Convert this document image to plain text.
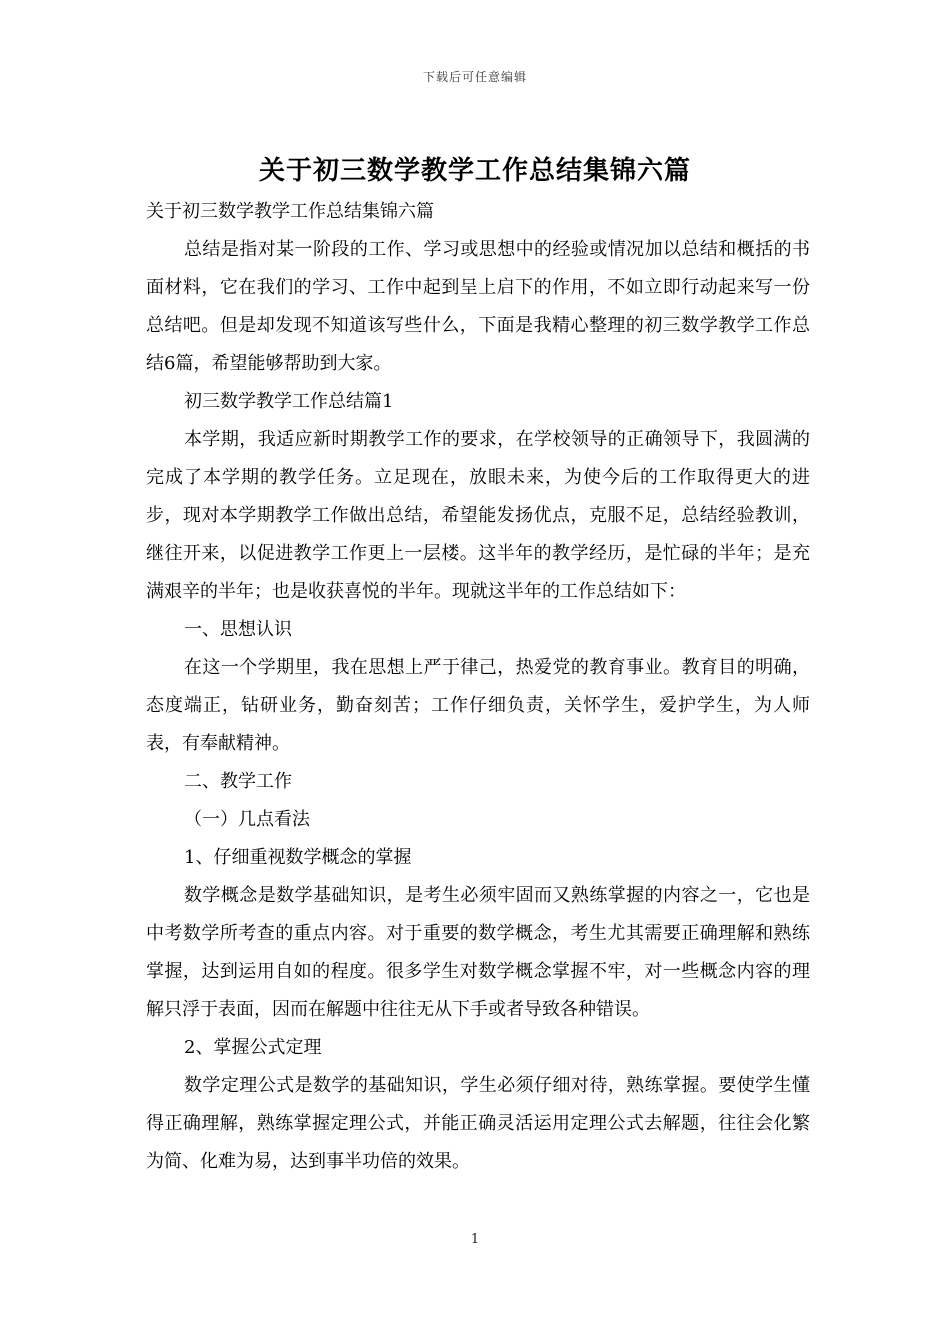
下载后可任意编辑
关于初三数学教学工作总结集锦六篇

关于初三数学教学工作总结集锦六篇

总结是指对某一阶段的工作、学习或思想中的经验或情况加以总结和概括的书面材料，它在我们的学习、工作中起到呈上启下的作用，不如立即行动起来写一份总结吧。但是却发现不知道该写些什么，下面是我精心整理的初三数学教学工作总结6篇，希望能够帮助到大家。

初三数学教学工作总结篇1

本学期，我适应新时期教学工作的要求，在学校领导的正确领导下，我圆满的完成了本学期的教学任务。立足现在，放眼未来，为使今后的工作取得更大的进步，现对本学期教学工作做出总结，希望能发扬优点，克服不足，总结经验教训，继往开来，以促进教学工作更上一层楼。这半年的教学经历，是忙碌的半年；是充满艰辛的半年；也是收获喜悦的半年。现就这半年的工作总结如下：

一、思想认识

在这一个学期里，我在思想上严于律己，热爱党的教育事业。教育目的明确，态度端正，钻研业务，勤奋刻苦；工作仔细负责，关怀学生，爱护学生，为人师表，有奉献精神。

二、教学工作

（一）几点看法

1、仔细重视数学概念的掌握

数学概念是数学基础知识，是考生必须牢固而又熟练掌握的内容之一，它也是中考数学所考查的重点内容。对于重要的数学概念，考生尤其需要正确理解和熟练掌握，达到运用自如的程度。很多学生对数学概念掌握不牢，对一些概念内容的理解只浮于表面，因而在解题中往往无从下手或者导致各种错误。

2、掌握公式定理

数学定理公式是数学的基础知识，学生必须仔细对待，熟练掌握。要使学生懂得正确理解，熟练掌握定理公式，并能正确灵活运用定理公式去解题，往往会化繁为简、化难为易，达到事半功倍的效果。

1
